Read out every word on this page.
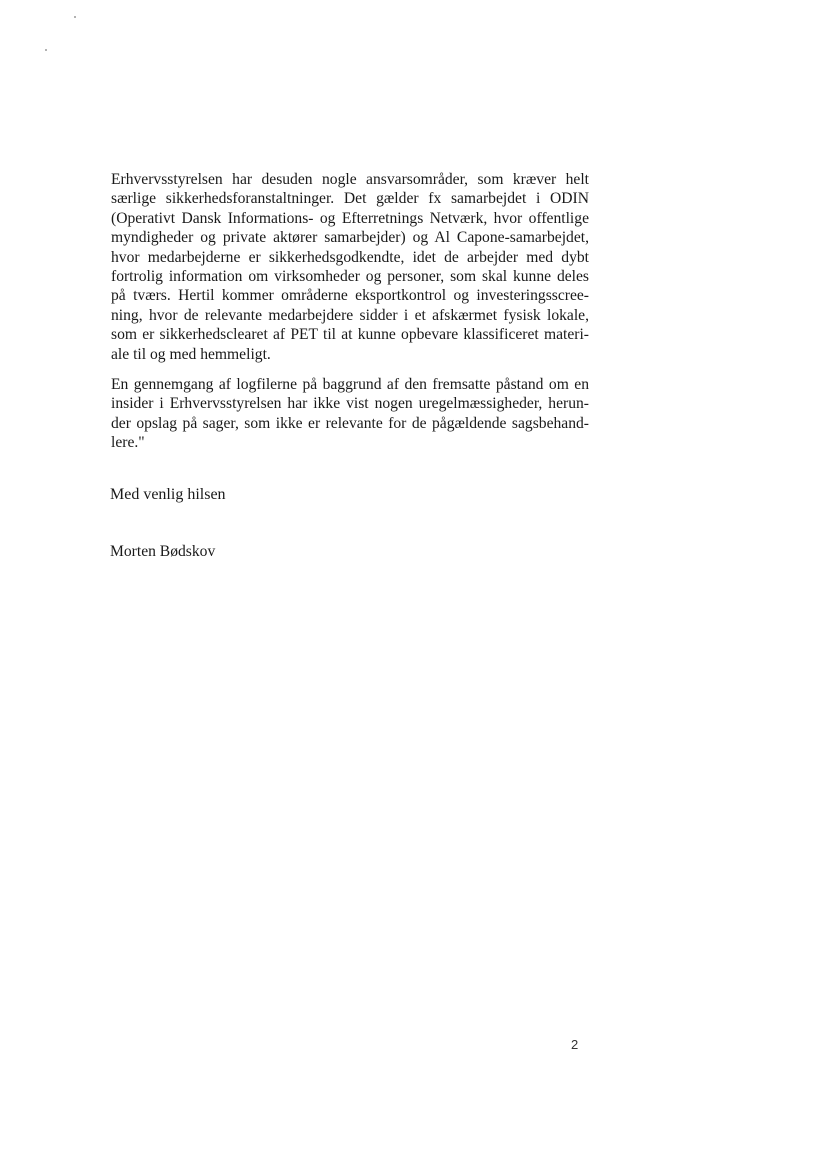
Erhvervsstyrelsen har desuden nogle ansvarsområder, som kræver helt
særlige sikkerhedsforanstaltninger. Det gælder fx samarbejdet i ODIN
(Operativt Dansk Informations- og Efterretnings Netværk, hvor offentlige
myndigheder og private aktører samarbejder) og Al Capone-samarbejdet,
hvor medarbejderne er sikkerhedsgodkendte, idet de arbejder med dybt
fortrolig information om virksomheder og personer, som skal kunne deles
på tværs. Hertil kommer områderne eksportkontrol og investeringsscree-
ning, hvor de relevante medarbejdere sidder i et afskærmet fysisk lokale,
som er sikkerhedsclearet af PET til at kunne opbevare klassificeret materi-
ale til og med hemmeligt.

En gennemgang af logfilerne på baggrund af den fremsatte påstand om en
insider i Erhvervsstyrelsen har ikke vist nogen uregelmæssigheder, herun-
der opslag på sager, som ikke er relevante for de pågældende sagsbehand-
lere."

Med venlig hilsen

Morten Bødskov

2
